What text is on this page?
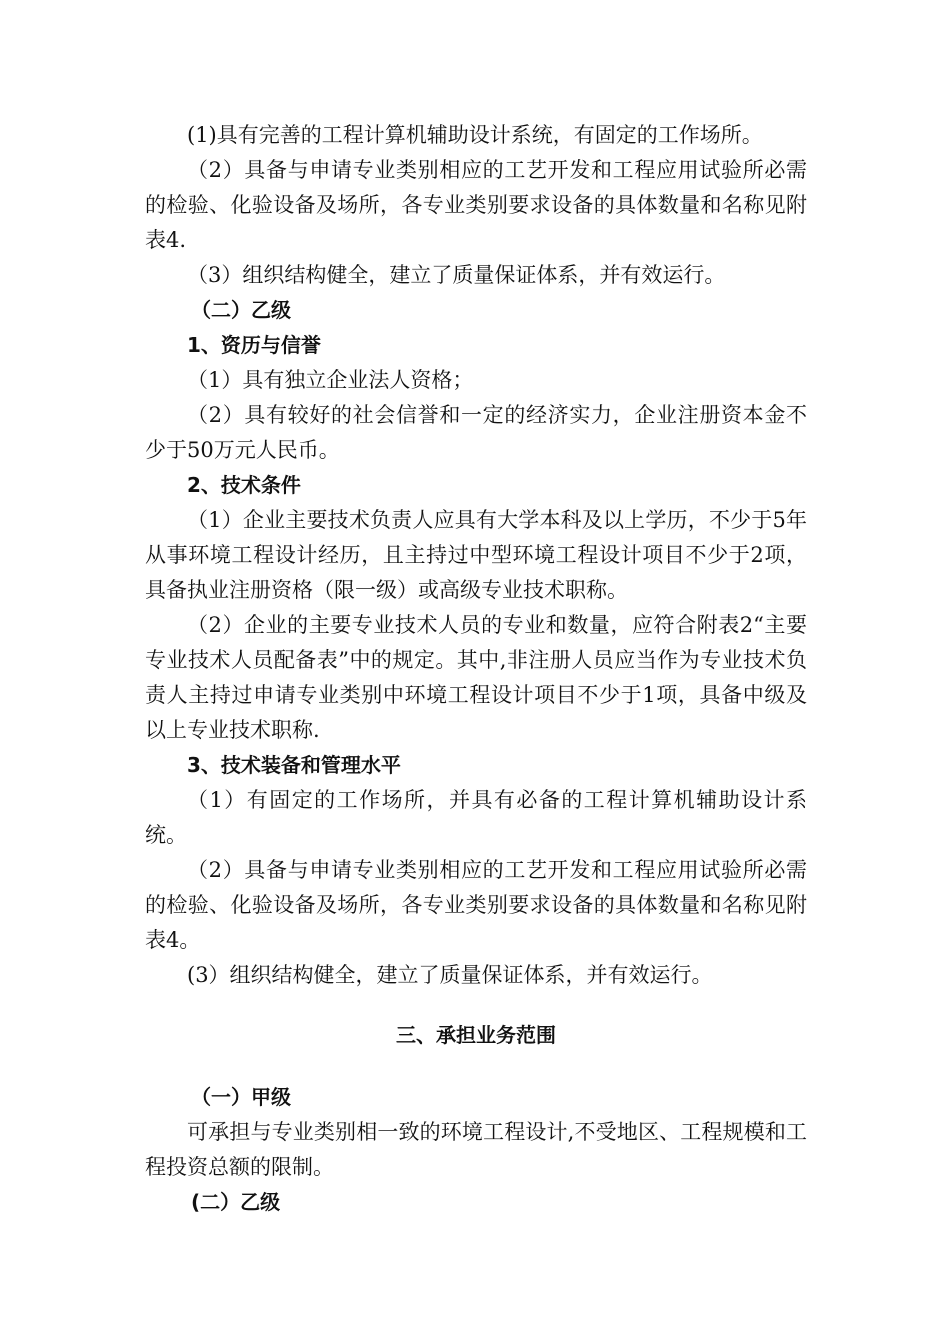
(1)具有完善的工程计算机辅助设计系统，有固定的工作场所。

（2）具备与申请专业类别相应的工艺开发和工程应用试验所必需的检验、化验设备及场所，各专业类别要求设备的具体数量和名称见附表4.

（3）组织结构健全，建立了质量保证体系，并有效运行。

（二）乙级

1、资历与信誉

（1）具有独立企业法人资格；

（2）具有较好的社会信誉和一定的经济实力，企业注册资本金不少于50万元人民币。

2、技术条件

（1）企业主要技术负责人应具有大学本科及以上学历，不少于5年从事环境工程设计经历，且主持过中型环境工程设计项目不少于2项，具备执业注册资格（限一级）或高级专业技术职称。

（2）企业的主要专业技术人员的专业和数量，应符合附表2“主要专业技术人员配备表”中的规定。其中,非注册人员应当作为专业技术负责人主持过申请专业类别中环境工程设计项目不少于1项，具备中级及以上专业技术职称.

3、技术装备和管理水平

（1）有固定的工作场所，并具有必备的工程计算机辅助设计系统。

（2）具备与申请专业类别相应的工艺开发和工程应用试验所必需的检验、化验设备及场所，各专业类别要求设备的具体数量和名称见附表4。

(3）组织结构健全，建立了质量保证体系，并有效运行。

三、承担业务范围

（一）甲级

可承担与专业类别相一致的环境工程设计,不受地区、工程规模和工程投资总额的限制。

(二）乙级
